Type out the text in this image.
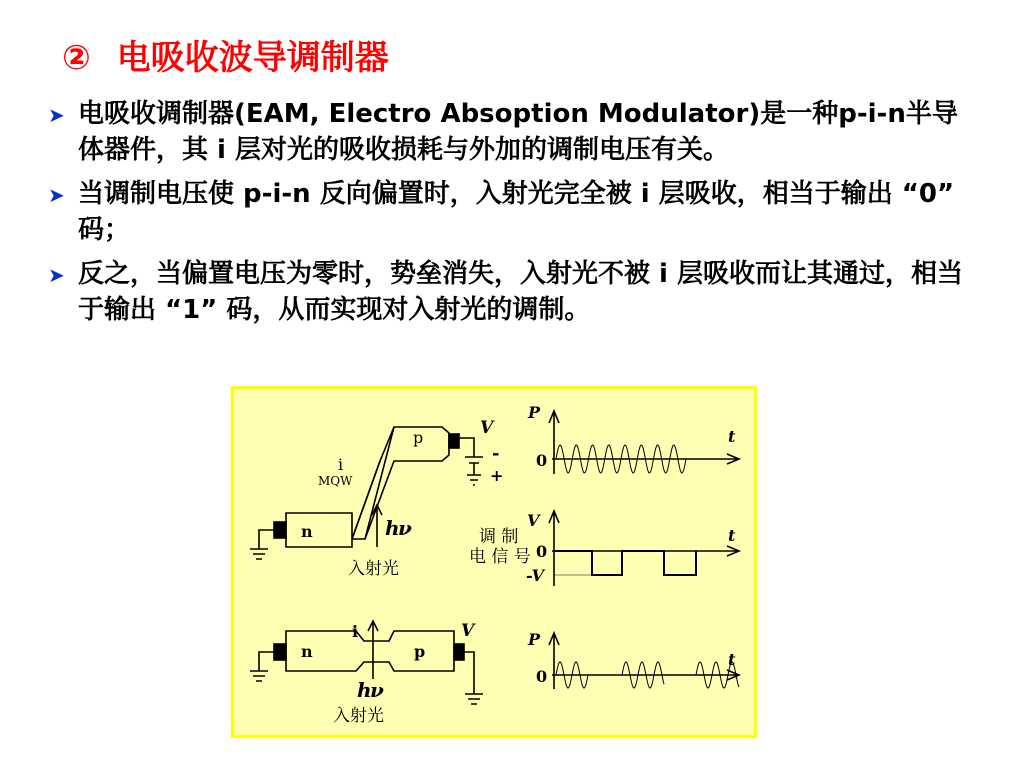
② 电吸收波导调制器
➤ 电吸收调制器(EAM, Electro Absoption Modulator)是一种p-i-n半导体器件，其 i 层对光的吸收损耗与外加的调制电压有关。
➤ 当调制电压使 p-i-n 反向偏置时，入射光完全被 i 层吸收，相当于输出 “0” 码；
➤ 反之，当偏置电压为零时，势垒消失，入射光不被 i 层吸收而让其通过，相当于输出 “1” 码，从而实现对入射光的调制。
p
i
MQW
n
V
-
+
h
ν
入射光
调 制
电 信 号
i
n	p
V
h
ν
入射光
P
t
0
V
t
0
-V
P
t
0
